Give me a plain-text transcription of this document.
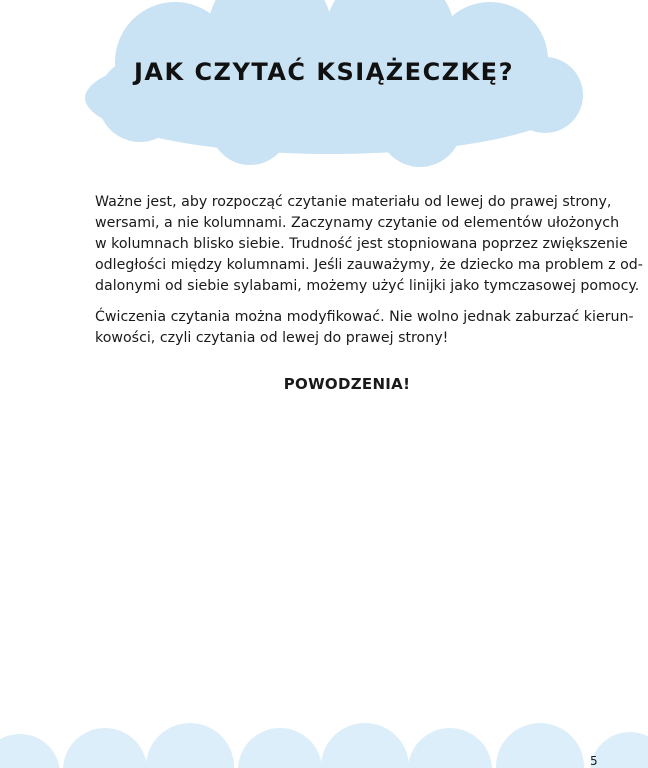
JAK CZYTAĆ KSIĄŻECZKĘ?

Ważne jest, aby rozpocząć czytanie materiału od lewej do prawej strony,
wersami, a nie kolumnami. Zaczynamy czytanie od elementów ułożonych
w kolumnach blisko siebie. Trudność jest stopniowana poprzez zwiększenie
odległości między kolumnami. Jeśli zauważymy, że dziecko ma problem z od-
dalonymi od siebie sylabami, możemy użyć linijki jako tymczasowej pomocy.

Ćwiczenia czytania można modyfikować. Nie wolno jednak zaburzać kierun-
kowości, czyli czytania od lewej do prawej strony!

POWODZENIA!
5
